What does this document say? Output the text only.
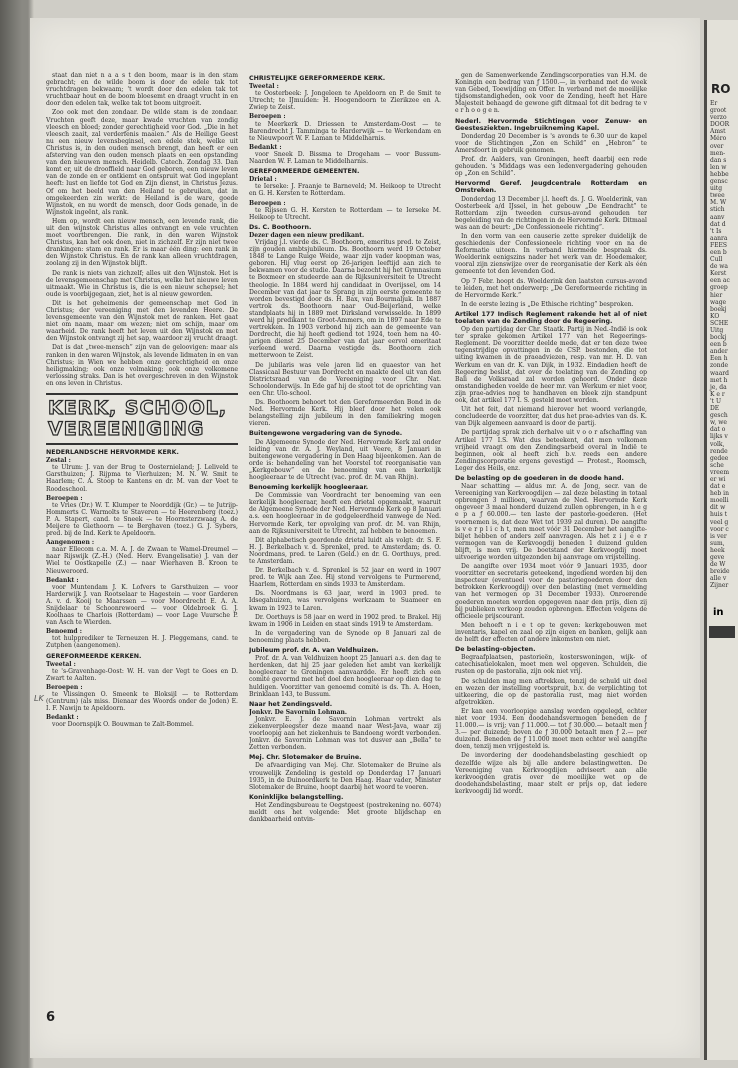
LK

staat dan niet n a a s t den boom, maar is in den stam gebracht; en de wilde boom is door de edele tak tot vruchtdragen bekwaam; 't wordt door den edelen tak tot vruchtbaar hout en de boom bloesemt en draagt vrucht in en door den edelen tak, welke tak tot boom uitgroeit.

Zoo ook met den zondaar. De wilde stam is de zondaar. Vruchten geeft deze, maar kwade vruchten van zondig vleesch en bloed; zonder gerechtigheid voor God. „Die in het vleesch zaait, zal verderfenis maaien.” Als de Heilige Geest nu een nieuw levensbeginsel, een edele stek, welke uit Christus is, in den ouden mensch brengt, dan heeft er een afsterving van den ouden mensch plaats en een opstanding van den nieuwen mensch. Heidelb. Catech. Zondag 33. Dan komt er, uit de drooffield naar God geboren, een nieuw leven van de zonde en er ontkiemt en ontspruit wat God ingeplant heeft: lust en liefde tot God en Zijn dienst, in Christus Jezus. Of om het beeld van den Heiland te gebruiken, dat in omgekeerden zin werkt: de Heiland is de ware, goede Wijnstok, en nu wordt de mensch, door Gods genade, in de Wijnstok ingeënt, als rank.

Hem op, wordt een nieuw mensch, een levende rank, die uit den wijnstok Christus alles ontvangt en vele vruchten moet voortbrengen. Die rank, in den waren Wijnstok Christus, kan het ook doen, niet in zichzelf. Er zijn niet twee drankingen: stam en rank. Er is maar één ding: een rank in den Wijnstok Christus. En de rank kan alleen vruchtdragen, zoolang zij in den Wijnstok blijft.

De rank is niets van zichzelf; alles uit den Wijnstok. Het is de levensgemeenschap met Christus, welke het nieuwe leven uitmaakt. Wie in Christus is, die is een nieuw schepsel; het oude is voorbijgegaan, ziet, het is al nieuw geworden.

Dit is het geheimenis der gemeenschap met God in Christus; der vereeniging met den levenden Heere. De levensgemeente van den Wijnstok met de ranken. Het gaat niet om naam, maar om wezen; niet om schijn, maar om waarheid. De rank heeft het leven uit den Wijnstok en met den Wijnstok ontvangt zij het sap, waardoor zij vrucht draagt.

Dat is dat „twee-mensch” zijn van de geloovigen: maar als ranken in den waren Wijnstok, als levende lidmaten in en van Christus; in Wien we hebben onze gerechtigheid en onze heiligmaking; ook onze volmaking; ook onze volkomene verlossing straks. Dan is het overgeschreven in den Wijnstok en ons leven in Christus.

KERK, SCHOOL,
VEREENIGING
NEDERLANDSCHE HERVORMDE KERK.
Zestal :

te Ulrum: J. van der Brug te Oosternieland; J. Leliveld te Garsthuizen; J. Rijpma te Vierhuizen; M. N. W. Smit te Haarlem; C. A. Stoop te Kantens en dr. M. van der Voet te Roodeschool.

Beroepen :

te Vries (Dr.) W. T. Klumper te Noorddijk (Gr.) — te Jutrijp-Hommerts C. Warmolts te Staveren — te Heerenberg (toez.) P. A. Stapert, cand. te Sneek — te Hoornsterzwaag A. de Meijere te Giethoorn — te Berghaven (toez.) G. J. Sybers, pred. bij de Ind. Kerk te Apeldoorn.

Aangenomen :

naar Ellecom c.a. M. A. J. de Zwaan te Wamel-Dreumel — naar Rijswijk (Z.-H.) (Ned. Herv. Evangelisatie) J. van der Wiel te Oostkapelle (Z.) — naar Wierhaven B. Kroon te Nieuweroord.

Bedankt :

voor Muntendam J. K. Lofvers te Garsthuizen — voor Harderwijk J. van Rootselaar te Hagestein — voor Garderen A. v. d. Kooij te Maarssen — voor Moordrecht E. A. A. Snijdelaar te Schoonrewoerd — voor Oldebroek G. J. Koolhaas te Charlois (Rotterdam) — voor Lage Vuursche P. van Asch te Wierden.

Benoemd :

tot hulpprediker te Terneuzen H. J. Pleggemans, cand. te Zutphen (aangenomen).

GEREFORMEERDE KERKEN.
Tweetal :

te 's-Gravenhage-Oost: W. H. van der Vegt te Goes en D. Zwart te Aalten.

Beroepen :

te Vlissingen O. Smeenk te Bloksijl — te Rotterdam (Centrum) (als miss. Dienaar des Woords onder de Joden) E. I. F. Nawijn te Apeldoorn.

Bedankt :

voor Doornspijk O. Bouwman te Zalt-Bommel.

CHRISTELIJKE GEREFORMEERDE KERK.
Tweetal :

te Oosterbeek: J. Jongeleen te Apeldoorn en P. de Smit te Utrecht; te IJmuiden: H. Hoogendoorn te Zierikzee en A. Zwiep te Zeist.

Beroepen :

te Meerkerk D. Driessen te Amsterdam-Oost — te Barendrecht J. Tamminga te Harderwijk — te Werkendam en te Nieuwpoort W. F. Laman te Middelharnis.

Bedankt :

voor Sneek D. Bissma te Drogeham — voor Bussum-Naarden W. F. Laman te Middelharnis.

GEREFORMEERDE GEMEENTEN.
Drietal :

te Ierseke: J. Fraanje te Barneveld; M. Heikoop te Utrecht en G. H. Kersten te Rotterdam.

Beroepen :

te Rijssen G. H. Kersten te Rotterdam — te Ierseke M. Heikoop te Utrecht.

Ds. C. Boothoorn.
Dezer dagen een nieuw predikant.

Vrijdag j.l. vierde ds. C. Boothoorn, emeritus pred. te Zeist, zijn gouden ambtsjubileum. Ds. Boothoorn werd 19 October 1848 te Lange Ruige Weide, waar zijn vader koopman was, geboren. Hij vlug eerst op 26-jarigen leeftijd aan zich te bekwamen voor de studie. Daarna bezocht hij het Gymnasium te Boxmeer en studeerde aan de Rijksuniversiteit te Utrecht theologie. In 1884 werd hij candidaat in Overijssel, om 14 December van dat jaar te Sprang in zijn eerste gemeente te worden bevestigd door ds. H. Bax, van Bourmaljuk. In 1887 vertrok ds. Boothoorn naar Oud-Beijerland, welke standplaats hij in 1889 met Dirksland verwisselde. In 1899 werd hij predikant te Groot-Ammers, om in 1897 naar Ede te vertrekken. In 1903 verbond hij zich aan de gemeente van Dordrecht, die hij heeft gediend tot 1924, toen hem na 40-jarigen dienst 25 December van dat jaar eervol emeritaat verleend werd. Daarna vestigde ds. Boothoorn zich metterwoon te Zeist.

De jubilaris was vele jaren lid en quaestor van het Classicaal Bestuur van Dordrecht en maakte deel uit van den Districtsraad van de Vereeniging voor Chr. Nat. Schoolonderwijs. In Ede gaf hij de stoot tot de oprichting van een Chr. Ulo-school.

Ds. Boothoorn behoort tot den Gereformeerden Bond in de Ned. Hervormde Kerk. Hij bleef door het velen ook belangstelling zijn jubileum in den familiekring mogen vieren.

Buitengewone vergadering van de Synode.

De Algemeene Synode der Ned. Hervormde Kerk zal onder leiding van dr. A. J. Weyland, uit Veere, 8 Januari in buitengewone vergadering in Den Haag bijeenkomen. Aan de orde is: behandeling van het Voorstel tot reorganisatie van „Kerkgebouw” en de benoeming van een kerkelijk hoogleeraar te de Utrecht (vac. prof. dr. M. van Rhijn).

Benoeming kerkelijk hoogleeraar.

De Commissie van Voordracht ter benoeming van een kerkelijk hoogleeraar, heeft een drietal opgemaakt, waaruit de Algemeene Synode der Ned. Hervormde Kerk op 8 Januari a.s. een hoogleeraar in de godgeleerdheid vanwege de Ned. Hervormde Kerk, ter opvolging van prof. dr. M. van Rhijn, aan de Rijksuniversiteit te Utrecht, zal hebben te benoemen.

Dit alphabetisch geordende drietal luidt als volgt: dr. S. F. H. J. Berkelbach v. d. Sprenkel, pred. te Amsterdam; ds. O. Noordmans, pred. te Laren (Geld.) en dr. G. Oorthuys, pred. te Amsterdam.

Dr. Berkelbach v. d. Sprenkel is 52 jaar en werd in 1907 pred. te Wijk aan Zee. Hij stond vervolgens te Purmerend, Haarlem, Rotterdam en sinds 1933 te Amsterdam.

Ds. Noordmans is 63 jaar, werd in 1903 pred. te Idsegahuizen, was vervolgens werkzaam te Suameer en kwam in 1923 te Laren.

Dr. Oorthuys is 58 jaar en werd in 1902 pred. te Brakel. Hij kwam in 1906 in Leiden en staat sinds 1919 te Amsterdam.

In de vergadering van de Synode op 8 Januari zal de benoeming plaats hebben.

Jubileum prof. dr. A. van Veldhuizen.

Prof. dr. A. van Veldhuizen hoopt 25 Januari a.s. den dag te herdenken, dat hij 25 jaar geleden het ambt van kerkelijk hoogleeraar te Groningen aanvaardde. Er heeft zich een comité gevormd met het doel den hoogleeraar op dien dag te huldigen. Voorzitter van genoemd comité is ds. Th. A. Hoen, Brinklaan 143, te Bussum.

Naar het Zendingsveld.
Jonkvr. De Savornin Lohman.

Jonkvr. E. J. de Savornin Lohman vertrekt als ziekenverpleegster deze maand naar West-Java, waar zij voorloopig aan het ziekenhuis te Bandoeng wordt verbonden. Jonkvr. de Savornin Lohman was tot dusver aan „Bella” te Zetten verbonden.

Mej. Chr. Slotemaker de Bruine.

De afvaardiging van Mej. Chr. Slotemaker de Bruine als vrouwelijk Zendeling is gesteld op Donderdag 17 Januari 1935, in de Duinoordkerk te Den Haag. Haar vader, Minister Slotemaker de Bruine, hoopt daarbij het woord te voeren.

Koninklijke belangstelling.

Het Zendingsbureau te Oegstgeest (postrekening no. 6074) meldt ons het volgende: Met groote blijdschap en dankbaarheid ontvin-

gen de Samenwerkende Zendingscorporaties van H.M. de Koningin een bedrag van ƒ 1500.—, in verband met de week van Gebed, Toewijding en Offer. In verband met de moeilijke tijdsomstandigheden, ook voor de Zending, heeft het Hare Majesteit behaagd de gewone gift ditmaal tot dit bedrag te v e r h o o g e n.

Nederl. Hervormde Stichtingen voor Zenuw- en Geestesziekten. Ingebruikneming Kapel.

Donderdag 20 December is 's avonds te 6.30 uur de kapel voor de Stichtingen „Zon en Schild” en „Hebron” te Amersfoort in gebruik genomen.

Prof. dr. Aalders, van Groningen, heeft daarbij een rede gehouden. 's Middags was een ledenvergadering gehouden op „Zon en Schild”.

Hervormd Geref. Jeugdcentrale Rotterdam en Omstreken.

Donderdag 13 December j.l. heeft ds. J. G. Woelderink, van Oosterbeek a/d IJssel, in het gebouw „De Eendracht” te Rotterdam zijn tweeden cursus-avond gehouden ter begeleiding van de richtingen in de Hervormde Kerk. Ditmaal was aan de beurt: „De Confessioneele richting”.

In den vorm van een causerie zette spreker duidelijk de geschiedenis der Confessioneele richting voor en na de Reformatie uiteen. In verband hiermede bespraak ds. Woelderink eenigszins nader het werk van dr. Hoedemaker, vooral zijn zienswijze over de reorganisatie der Kerk als één gemeente tot den levenden God.

Op 7 Febr. hoopt ds. Woelderink den laatsten cursus-avond te leiden, met het onderwerp: „De Gereformeerde richting in de Hervormde Kerk.”

In de eerste lezing is „De Ethische richting” besproken.

Artikel 177 Indisch Reglement rakende het al of niet toelaten van de Zending door de Regeering.

Op den partijdag der Chr. Staatk. Partij in Ned.-Indië is ook ter sprake gekomen Artikel 177 van het Regeerings-Reglement. De voorzitter deelde mede, dat er ten deze twee tegenstrijdige opvattingen in de CSP. bestonden, die tot uiting kwamen in de praeadviezen, resp. van mr. H. D. van Werkum en van dr. K. van Dijk, in 1932. Eindadien heeft de Regeering beslist, dat over de toelating van de Zending op Bali de Volksraad zal worden gehoord. Onder deze omstandigheden voelde de heer mr. van Werkum er niet voor, zijn prae-advies nog te handhaven en bleek zijn standpunt ook, dat artikel 177 I. S. gesteld moet worden.

Uit het feit, dat niemand hierover het woord verlangde, concludeerde de voorzitter, dat dus het prae-advies van ds. K. van Dijk algemeen aanvaard is door de partij.

De partijdag sprak zich derhalve uit v o o r afschaffing van Artikel 177 I.S. Wat dus beteekent, dat men volkomen vrijheid vraagt om den Zendingsarbeid overal in Indië te beginnen, ook al heeft zich b.v. reeds een andere Zendingscorporatie ergens gevestigd — Protest., Roomsch, Leger des Heils, enz.

De belasting op de goederen in de doode hand.

Naar schatting — aldus mr. A. de Jong, secr. van de Vereeniging van Kerkvoogdijen — zal deze belasting in totaal opbrengen 3 millioen, waarvan de Ned. Hervormde Kerk ongeveer 3 maal honderd duizend zullen opbrengen, in h e g e p a ƒ 60.000.— ten laste der pastorie-goederen. (Het voornemen is, dat deze Wet tot 1939 zal duren). De aangifte is v e r p l i c h t, men moet vóór 31 December het aangifte-biljet hebben of anders zelf aanvragen. Als het z i j e e r vermogen van de Kerkvoogdij beneden 1 duizend gulden blijft, is men vrij. De boetstand der Kerkvoogdij moet uitvoerige worden uitgezonden bij aanvrage om vrijstelling.

De aangifte over 1934 moet vóór 9 Januari 1935, door voorzitter en secretaris geteekend, ingediend worden bij den inspecteur (eventueel voor de pastoriegoederen door den betrokken Kerkvoogdij) over den belasting (met vermelding van het vermogen op 31 December 1933). Onroerende goederen moeten worden opgegeven naar den prijs, dien zij bij publieken verkoop zouden opbrengen. Effecten volgens de officieele prijscourant.

Men behoeft n i e t op te geven: kerkgebouwen met inventaris, kapel en zaal op zijn eigen en banken, gelijk aan de helft der effecten of andere inkomsten om niet.

De belasting-objecten.

Begraafplaatsen, pastorieën, kosterswoningen, wijk- of catechisatielokalen, moet men wel opgeven. Schulden, die rusten op de pastoralia, zijn ook niet vrij.

De schulden mag men aftrekken, tenzij de schuld uit doel en wezen der instelling voortspruit, b.v. de verplichting tot uitkeering, die op de pastoralia rust, mag niet worden afgetrokken.

Er kan een voorloopige aanslag worden opgelegd, echter niet voor 1934. Een doodehandsvermogen beneden de ƒ 11.000.— is vrij; van ƒ 11.000.— tot ƒ 30.000.— betaalt men ƒ 3.— per duizend; boven de ƒ 30.000 betaalt men ƒ 2.— per duizend. Beneden de ƒ 11.000 moet men echter wel aangifte doen, tenzij men vrijgesteld is.

De invordering der doodehandsbelasting geschiedt op dezelfde wijze als bij alle andere belastingwetten. De Vereeniging van Kerkvoogdijen adviseert aan alle kerkvoogden gratis over de moeilijke wet op de doodehandsbelasting, maar stelt er prijs op, dat iedere kerkvoogdij lid wordt.

6
RO
Er
groot
verzo
DOOR
Amst
Méro
over
men-
dan s
len w
hebbe
gensc
uitg
twee
M. W
stich
aanv
dat d
't Is
aanra
FEES
een b
Cull
de wa
Kerst
een ac
groep
hier
wage
boekj
KO
SCHE
Uitg
bockj
een b
ander
Een h
zonde
waard
met h
je, da
K e r
't U
DE
gesch
w, we
dat o
lijks v
volk,
rende
gedee
sche
vreem
er wi
dat e
heb in
moelli
dit w
huis t
veel g
voor c
is ver
sum,
heek
geve
de W
breide
alle v
Zijner
in
